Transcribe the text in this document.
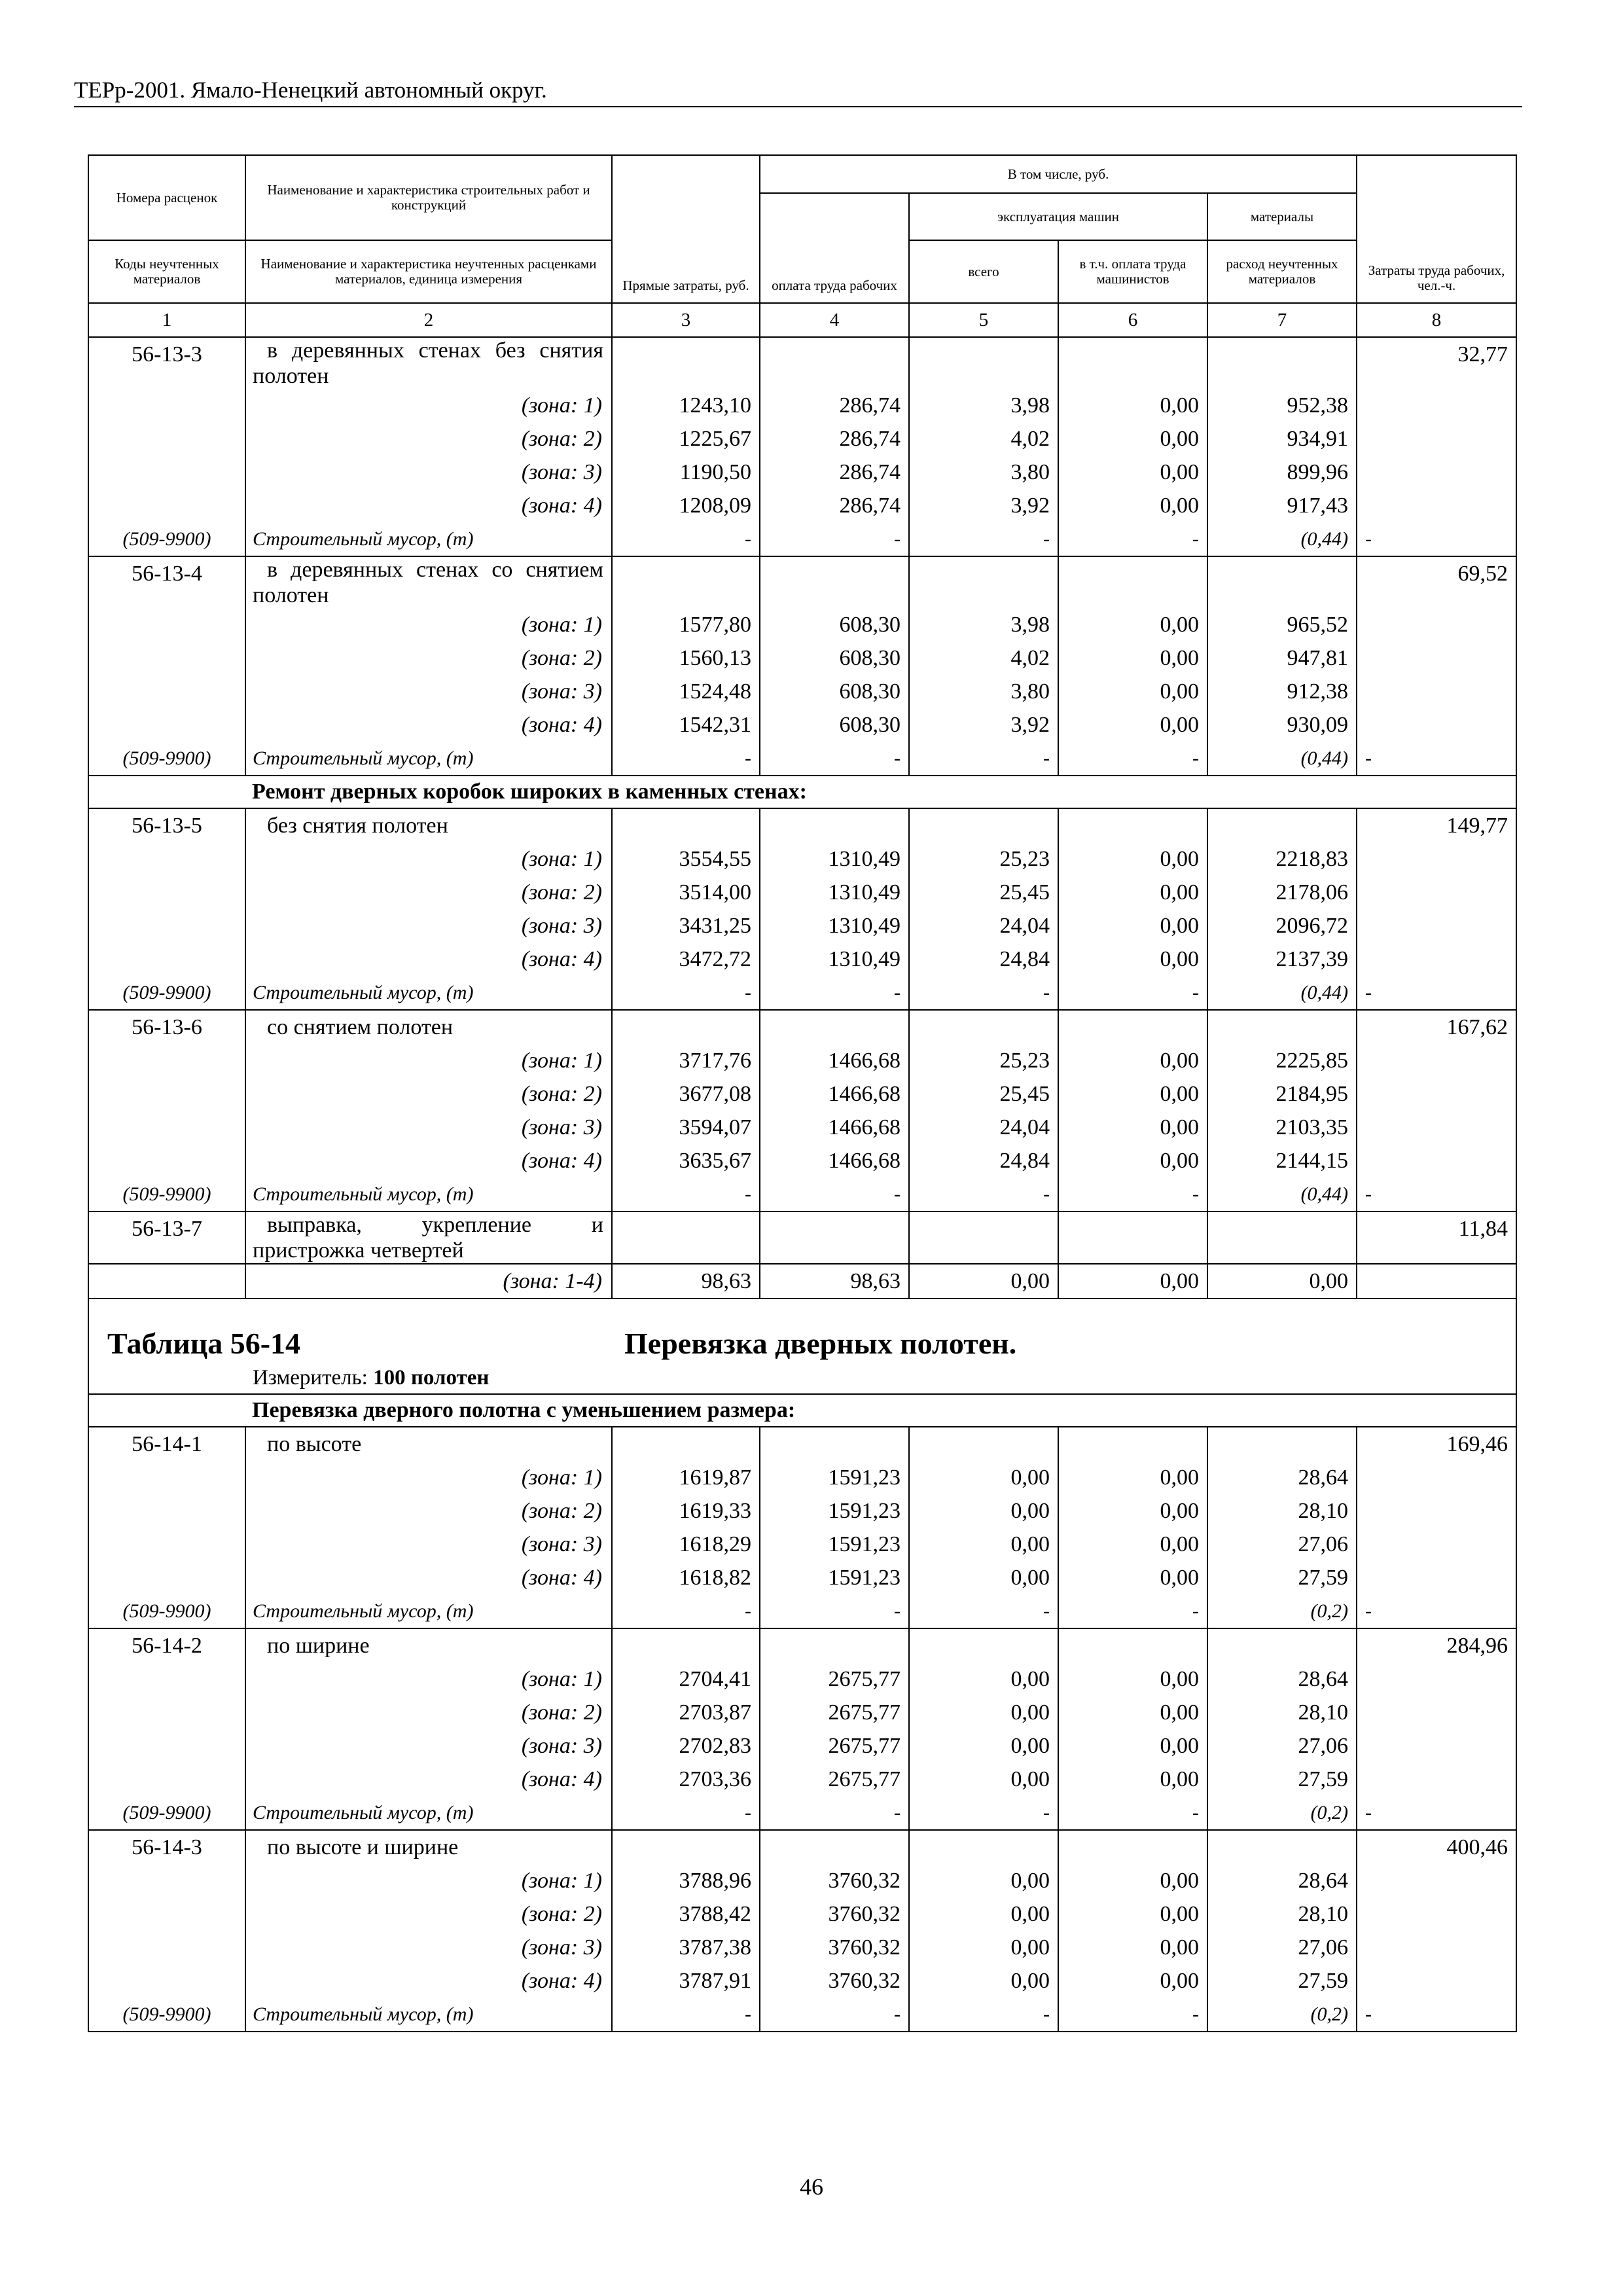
ТЕРр-2001. Ямало-Ненецкий автономный округ.
Номера расценок	Наименование и характеристика строительных работ и конструкций	Прямые затраты, руб.	В том числе, руб.				Затраты труда рабочих, чел.-ч.
			оплата труда рабочих	эксплуатация машин		материалы	
Коды неучтенных материалов	Наименование и характеристика неучтенных расценками материалов, единица измерения			всего	в т.ч. оплата труда машинистов	расход неучтенных материалов	
1	2	3	4	5	6	7	8
56-13-3	в деревянных стенах без снятия полотен						32,77
	(зона: 1)	1243,10	286,74	3,98	0,00	952,38	
	(зона: 2)	1225,67	286,74	4,02	0,00	934,91	
	(зона: 3)	1190,50	286,74	3,80	0,00	899,96	
	(зона: 4)	1208,09	286,74	3,92	0,00	917,43	
(509-9900)	Строительный мусор, (т)	-	-	-	-	(0,44)	-
56-13-4	в деревянных стенах со снятием полотен						69,52
	(зона: 1)	1577,80	608,30	3,98	0,00	965,52	
	(зона: 2)	1560,13	608,30	4,02	0,00	947,81	
	(зона: 3)	1524,48	608,30	3,80	0,00	912,38	
	(зона: 4)	1542,31	608,30	3,92	0,00	930,09	
(509-9900)	Строительный мусор, (т)	-	-	-	-	(0,44)	-
	Ремонт дверных коробок широких в каменных стенах:						
56-13-5	без снятия полотен						149,77
	(зона: 1)	3554,55	1310,49	25,23	0,00	2218,83	
	(зона: 2)	3514,00	1310,49	25,45	0,00	2178,06	
	(зона: 3)	3431,25	1310,49	24,04	0,00	2096,72	
	(зона: 4)	3472,72	1310,49	24,84	0,00	2137,39	
(509-9900)	Строительный мусор, (т)	-	-	-	-	(0,44)	-
56-13-6	со снятием полотен						167,62
	(зона: 1)	3717,76	1466,68	25,23	0,00	2225,85	
	(зона: 2)	3677,08	1466,68	25,45	0,00	2184,95	
	(зона: 3)	3594,07	1466,68	24,04	0,00	2103,35	
	(зона: 4)	3635,67	1466,68	24,84	0,00	2144,15	
(509-9900)	Строительный мусор, (т)	-	-	-	-	(0,44)	-
56-13-7	выправка, укрепление и пристрожка четвертей						11,84
	(зона: 1-4)	98,63	98,63	0,00	0,00	0,00	

Таблица 56-14 Перевязка дверных полотен.
Измеритель: 100 полотен							

	Перевязка дверного полотна с уменьшением размера:						
56-14-1	по высоте						169,46
	(зона: 1)	1619,87	1591,23	0,00	0,00	28,64	
	(зона: 2)	1619,33	1591,23	0,00	0,00	28,10	
	(зона: 3)	1618,29	1591,23	0,00	0,00	27,06	
	(зона: 4)	1618,82	1591,23	0,00	0,00	27,59	
(509-9900)	Строительный мусор, (т)	-	-	-	-	(0,2)	-
56-14-2	по ширине						284,96
	(зона: 1)	2704,41	2675,77	0,00	0,00	28,64	
	(зона: 2)	2703,87	2675,77	0,00	0,00	28,10	
	(зона: 3)	2702,83	2675,77	0,00	0,00	27,06	
	(зона: 4)	2703,36	2675,77	0,00	0,00	27,59	
(509-9900)	Строительный мусор, (т)	-	-	-	-	(0,2)	-
56-14-3	по высоте и ширине						400,46
	(зона: 1)	3788,96	3760,32	0,00	0,00	28,64	
	(зона: 2)	3788,42	3760,32	0,00	0,00	28,10	
	(зона: 3)	3787,38	3760,32	0,00	0,00	27,06	
	(зона: 4)	3787,91	3760,32	0,00	0,00	27,59	
(509-9900)	Строительный мусор, (т)	-	-	-	-	(0,2)	-
46
